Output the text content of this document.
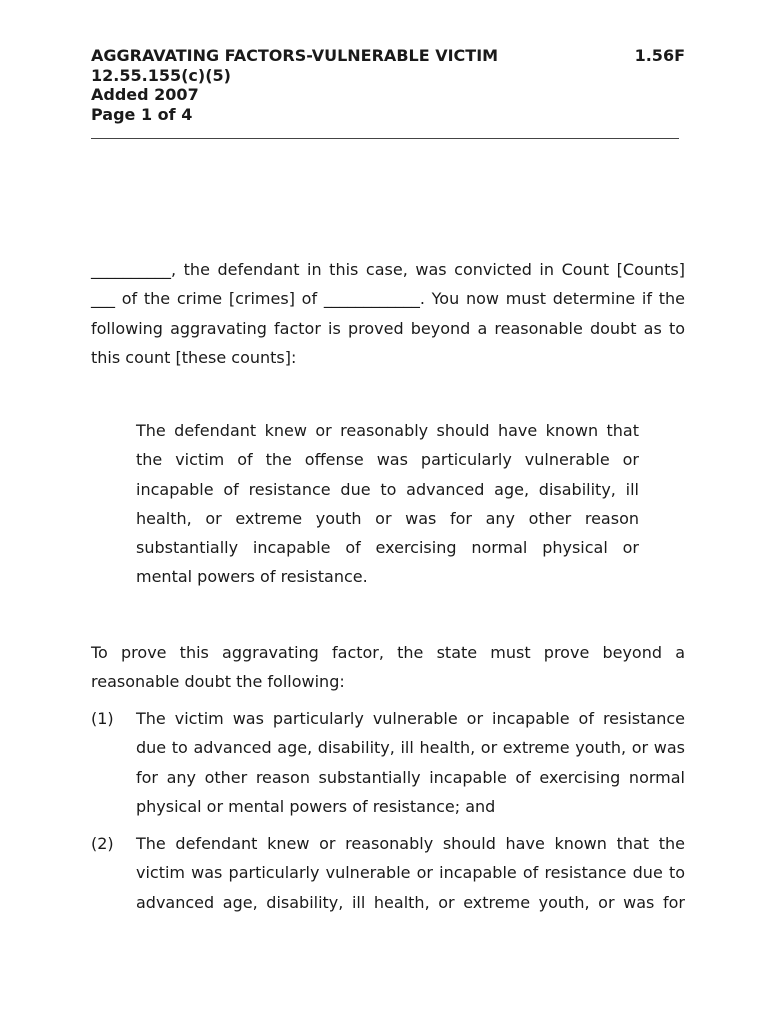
AGGRAVATING FACTORS-VULNERABLE VICTIM	1.56F
12.55.155(c)(5)
Added 2007
Page 1 of 4
__________, the defendant in this case, was convicted in Count [Counts] ___ of the crime [crimes] of ____________. You now must determine if the following aggravating factor is proved beyond a reasonable doubt as to this count [these counts]:
The defendant knew or reasonably should have known that the victim of the offense was particularly vulnerable or incapable of resistance due to advanced age, disability, ill health, or extreme youth or was for any other reason substantially incapable of exercising normal physical or mental powers of resistance.
To prove this aggravating factor, the state must prove beyond a reasonable doubt the following:
(1)	The victim was particularly vulnerable or incapable of resistance due to advanced age, disability, ill health, or extreme youth, or was for any other reason substantially incapable of exercising normal physical or mental powers of resistance; and
(2)	The defendant knew or reasonably should have known that the victim was particularly vulnerable or incapable of resistance due to advanced age, disability, ill health, or extreme youth, or was for
